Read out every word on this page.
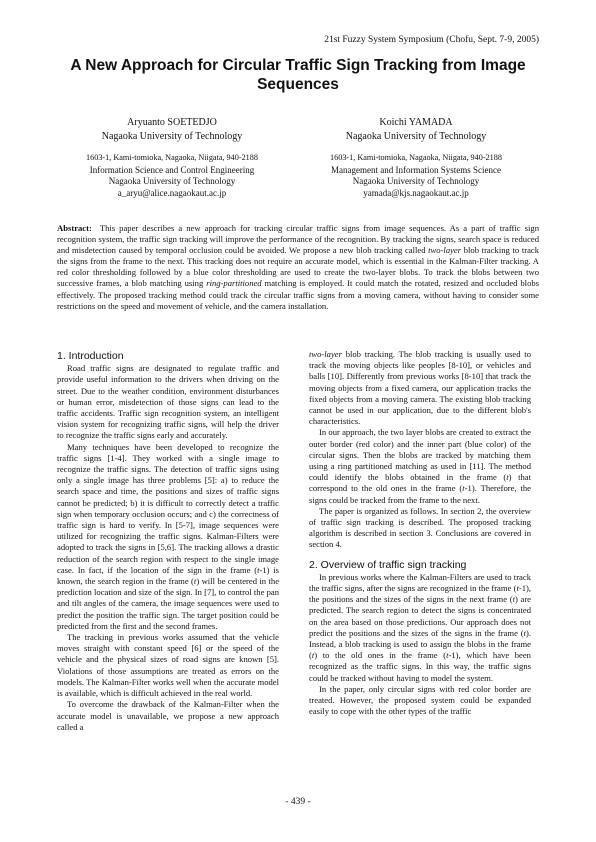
21st Fuzzy System Symposium (Chofu, Sept. 7-9, 2005)
A New Approach for Circular Traffic Sign Tracking from Image
Sequences
Aryuanto SOETEDJO
Nagaoka University of Technology
1603-1, Kami-tomioka, Nagaoka, Niigata, 940-2188
Information Science and Control Engineering
Nagaoka University of Technology
a_aryu@alice.nagaokaut.ac.jp
Koichi YAMADA
Nagaoka University of Technology
1603-1, Kami-tomioka, Nagaoka, Niigata, 940-2188
Management and Information Systems Science
Nagaoka University of Technology
yamada@kjs.nagaokaut.ac.jp
Abstract: This paper describes a new approach for tracking circular traffic signs from image sequences. As a part of traffic sign recognition system, the traffic sign tracking will improve the performance of the recognition. By tracking the signs, search space is reduced and misdetection caused by temporal occlusion could be avoided. We propose a new blob tracking called two-layer blob tracking to track the signs from the frame to the next. This tracking does not require an accurate model, which is essential in the Kalman-Filter tracking. A red color thresholding followed by a blue color thresholding are used to create the two-layer blobs. To track the blobs between two successive frames, a blob matching using ring-partitioned matching is employed. It could match the rotated, resized and occluded blobs effectively. The proposed tracking method could track the circular traffic signs from a moving camera, without having to consider some restrictions on the speed and movement of vehicle, and the camera installation.
1. Introduction

Road traffic signs are designated to regulate traffic and provide useful information to the drivers when driving on the street. Due to the weather condition, environment disturbances or human error, misdetection of those signs can lead to the traffic accidents. Traffic sign recognition system, an intelligent vision system for recognizing traffic signs, will help the driver to recognize the traffic signs early and accurately.

Many techniques have been developed to recognize the traffic signs [1-4]. They worked with a single image to recognize the traffic signs. The detection of traffic signs using only a single image has three problems [5]: a) to reduce the search space and time, the positions and sizes of traffic signs cannot be predicted; b) it is difficult to correctly detect a traffic sign when temporary occlusion occurs; and c) the correctness of traffic sign is hard to verify. In [5-7], image sequences were utilized for recognizing the traffic signs. Kalman-Filters were adopted to track the signs in [5,6]. The tracking allows a drastic reduction of the search region with respect to the single image case. In fact, if the location of the sign in the frame (t-1) is known, the search region in the frame (t) will be centered in the prediction location and size of the sign. In [7], to control the pan and tilt angles of the camera, the image sequences were used to predict the position the traffic sign. The target position could be predicted from the first and the second frames.

The tracking in previous works assumed that the vehicle moves straight with constant speed [6] or the speed of the vehicle and the physical sizes of road signs are known [5]. Violations of those assumptions are treated as errors on the models. The Kalman-Filter works well when the accurate model is available, which is difficult achieved in the real world.

To overcome the drawback of the Kalman-Filter when the accurate model is unavailable, we propose a new approach called a

two-layer blob tracking. The blob tracking is usually used to track the moving objects like peoples [8-10], or vehicles and balls [10]. Differently from previous works [8-10] that track the moving objects from a fixed camera, our application tracks the fixed objects from a moving camera. The existing blob tracking cannot be used in our application, due to the different blob's characteristics.

In our approach, the two layer blobs are created to extract the outer border (red color) and the inner part (blue color) of the circular signs. Then the blobs are tracked by matching them using a ring partitioned matching as used in [11]. The method could identify the blobs obtained in the frame (t) that correspond to the old ones in the frame (t-1). Therefore, the signs could be tracked from the frame to the next.

The paper is organized as follows. In section 2, the overview of traffic sign tracking is described. The proposed tracking algorithm is described in section 3. Conclusions are covered in section 4.

2. Overview of traffic sign tracking

In previous works where the Kalman-Filters are used to track the traffic signs, after the signs are recognized in the frame (t-1), the positions and the sizes of the signs in the next frame (t) are predicted. The search region to detect the signs is concentrated on the area based on those predictions. Our approach does not predict the positions and the sizes of the signs in the frame (t). Instead, a blob tracking is used to assign the blobs in the frame (t) to the old ones in the frame (t-1), which have been recognized as the traffic signs. In this way, the traffic signs could be tracked without having to model the system.

In the paper, only circular signs with red color border are treated. However, the proposed system could be expanded easily to cope with the other types of the traffic

- 439 -
